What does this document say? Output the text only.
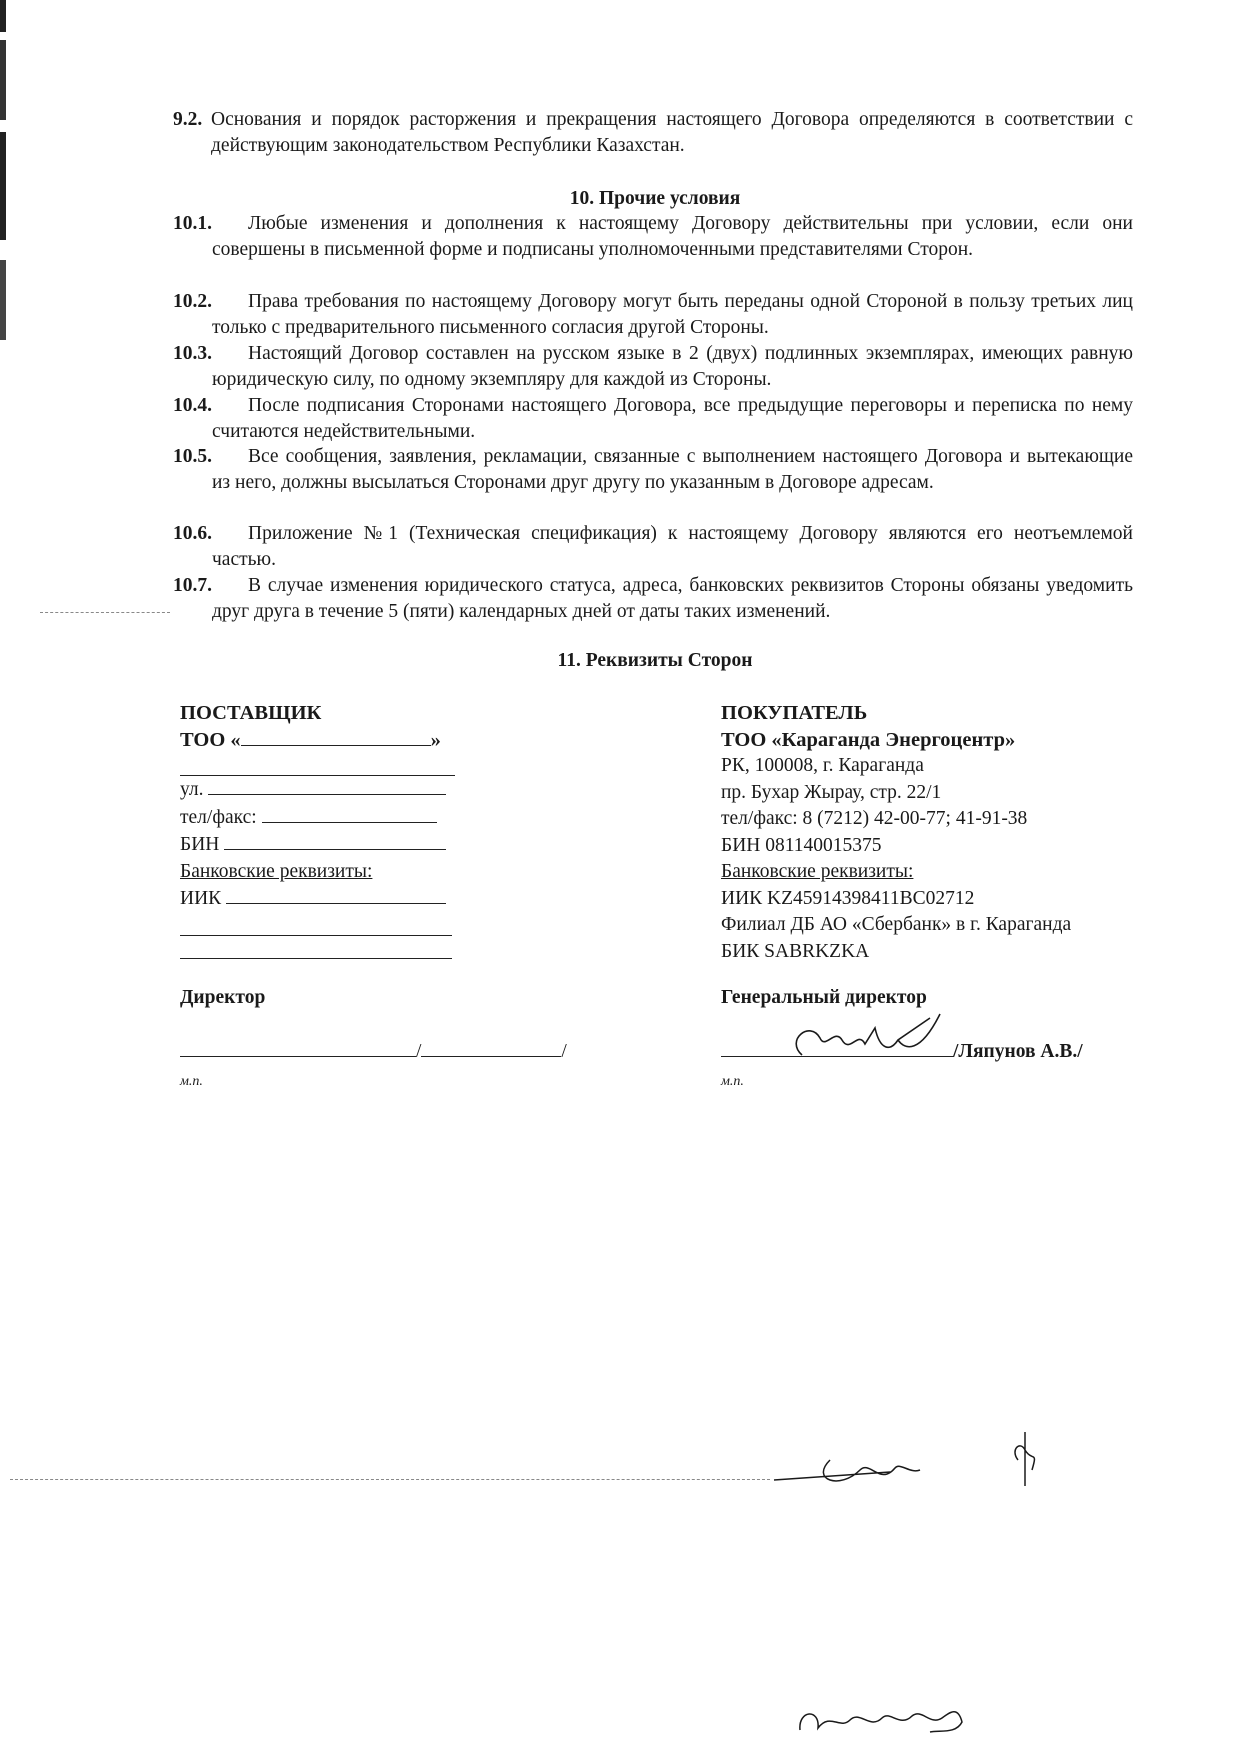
9.2. Основания и порядок расторжения и прекращения настоящего Договора определяются в соответствии с действующим законодательством Республики Казахстан.
10. Прочие условия
10.1.	Любые изменения и дополнения к настоящему Договору действительны при условии, если они совершены в письменной форме и подписаны уполномоченными представителями Сторон.
10.2.	Права требования по настоящему Договору могут быть переданы одной Стороной в пользу третьих лиц только с предварительного письменного согласия другой Стороны.
10.3.	Настоящий Договор составлен на русском языке в 2 (двух) подлинных экземплярах, имеющих равную юридическую силу, по одному экземпляру для каждой из Стороны.
10.4.	После подписания Сторонами настоящего Договора, все предыдущие переговоры и переписка по нему считаются недействительными.
10.5.	Все сообщения, заявления, рекламации, связанные с выполнением настоящего Договора и вытекающие из него, должны высылаться Сторонами друг другу по указанным в Договоре адресам.
10.6.	Приложение №1 (Техническая спецификация) к настоящему Договору являются его неотъемлемой частью.
10.7.	В случае изменения юридического статуса, адреса, банковских реквизитов Стороны обязаны уведомить друг друга в течение 5 (пяти) календарных дней от даты таких изменений.
11. Реквизиты Сторон
ПОСТАВЩИК
ТОО «	»
ул.
тел/факс:
БИН
Банковские реквизиты:
ИИК
Директор
/	/
м.п.
ПОКУПАТЕЛЬ
ТОО «Караганда Энергоцентр»
РК, 100008, г. Караганда
пр. Бухар Жырау, стр. 22/1
тел/факс: 8 (7212) 42-00-77; 41-91-38
БИН 081140015375
Банковские реквизиты:
ИИК KZ45914398411BC02712
Филиал ДБ АО «Сбербанк» в г. Караганда
БИК SABRKZKA
Генеральный директор
/Ляпунов А.В./
м.п.
